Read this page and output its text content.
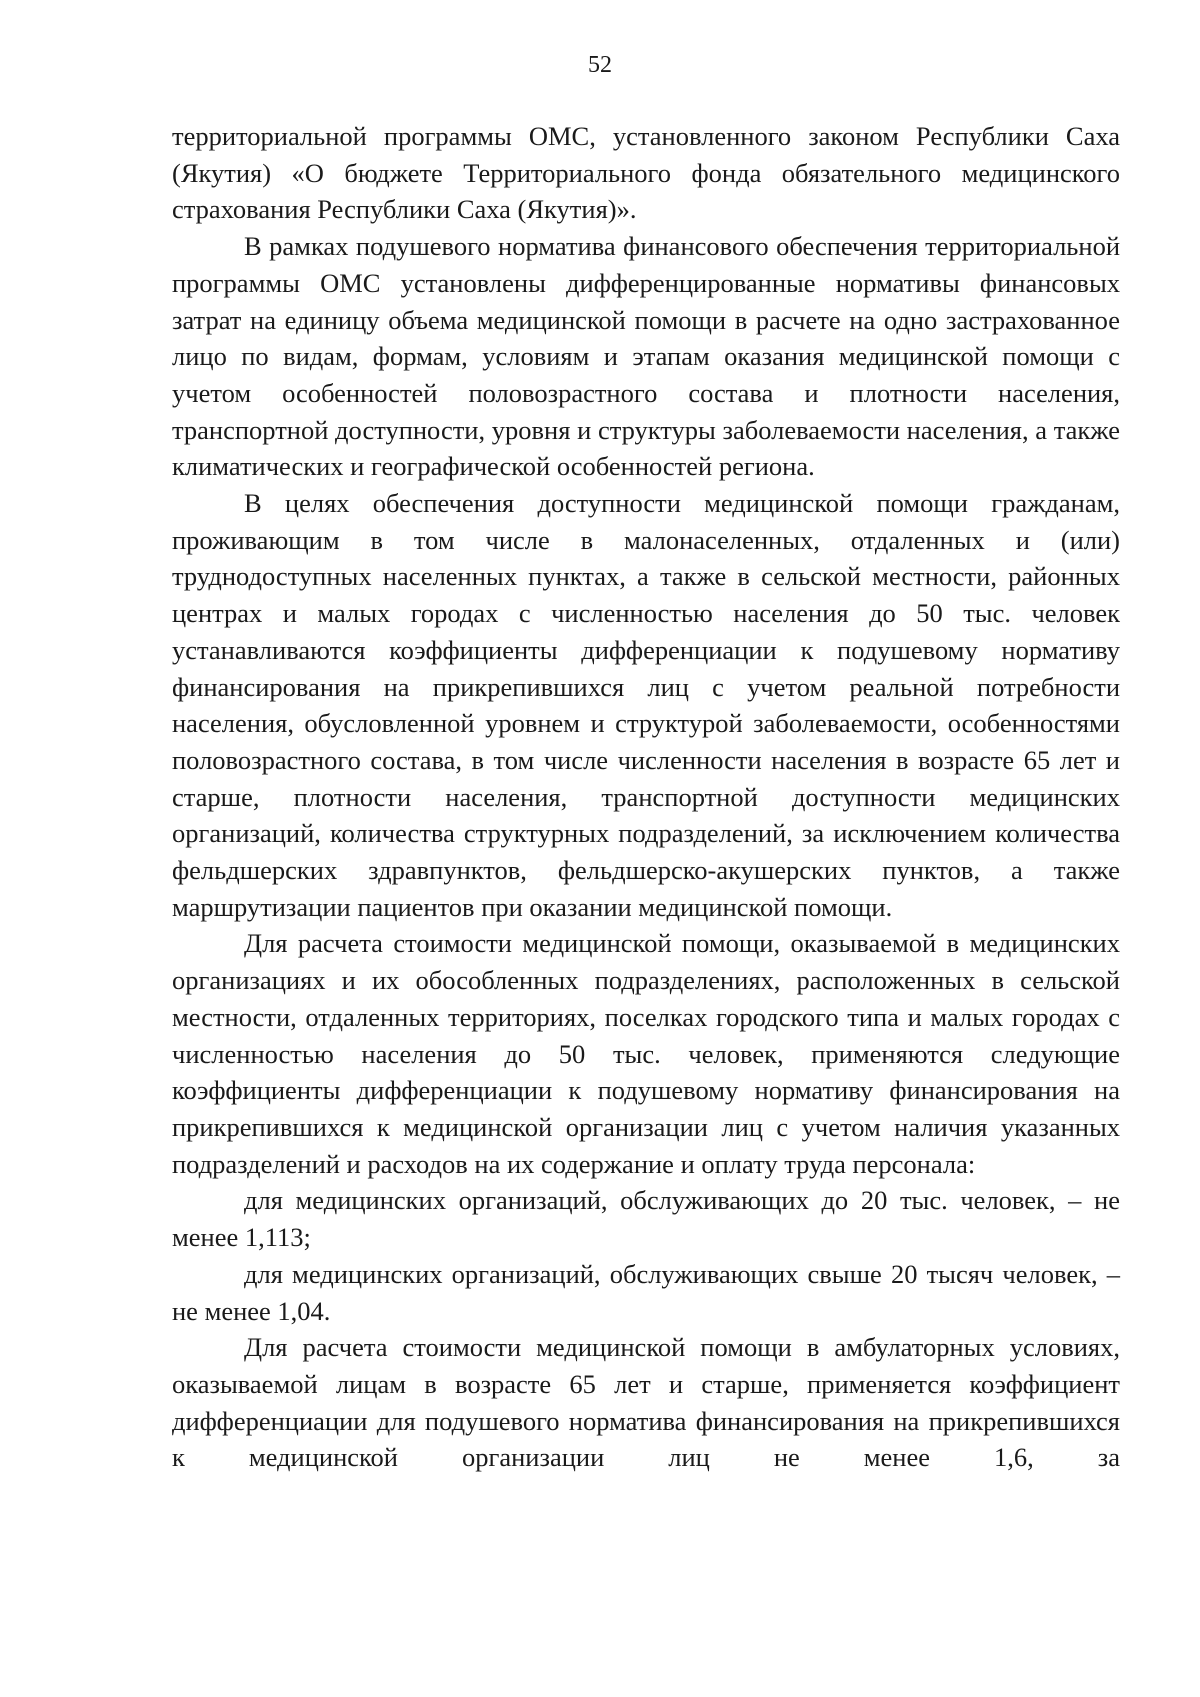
52

территориальной программы ОМС, установленного законом Республики Саха (Якутия) «О бюджете Территориального фонда обязательного медицинского страхования Республики Саха (Якутия)».

В рамках подушевого норматива финансового обеспечения территориальной программы ОМС установлены дифференцированные нормативы финансовых затрат на единицу объема медицинской помощи в расчете на одно застрахованное лицо по видам, формам, условиям и этапам оказания медицинской помощи с учетом особенностей половозрастного состава и плотности населения, транспортной доступности, уровня и структуры заболеваемости населения, а также климатических и географической особенностей региона.

В целях обеспечения доступности медицинской помощи гражданам, проживающим в том числе в малонаселенных, отдаленных и (или) труднодоступных населенных пунктах, а также в сельской местности, районных центрах и малых городах с численностью населения до 50 тыс. человек устанавливаются коэффициенты дифференциации к подушевому нормативу финансирования на прикрепившихся лиц с учетом реальной потребности населения, обусловленной уровнем и структурой заболеваемости, особенностями половозрастного состава, в том числе численности населения в возрасте 65 лет и старше, плотности населения, транспортной доступности медицинских организаций, количества структурных подразделений, за исключением количества фельдшерских здравпунктов, фельдшерско-акушерских пунктов, а также маршрутизации пациентов при оказании медицинской помощи.

Для расчета стоимости медицинской помощи, оказываемой в медицинских организациях и их обособленных подразделениях, расположенных в сельской местности, отдаленных территориях, поселках городского типа и малых городах с численностью населения до 50 тыс. человек, применяются следующие коэффициенты дифференциации к подушевому нормативу финансирования на прикрепившихся к медицинской организации лиц с учетом наличия указанных подразделений и расходов на их содержание и оплату труда персонала:

для медицинских организаций, обслуживающих до 20 тыс. человек, – не менее 1,113;

для медицинских организаций, обслуживающих свыше 20 тысяч человек, – не менее 1,04.

Для расчета стоимости медицинской помощи в амбулаторных условиях, оказываемой лицам в возрасте 65 лет и старше, применяется коэффициент дифференциации для подушевого норматива финансирования на прикрепившихся к медицинской организации лиц не менее 1,6, за
